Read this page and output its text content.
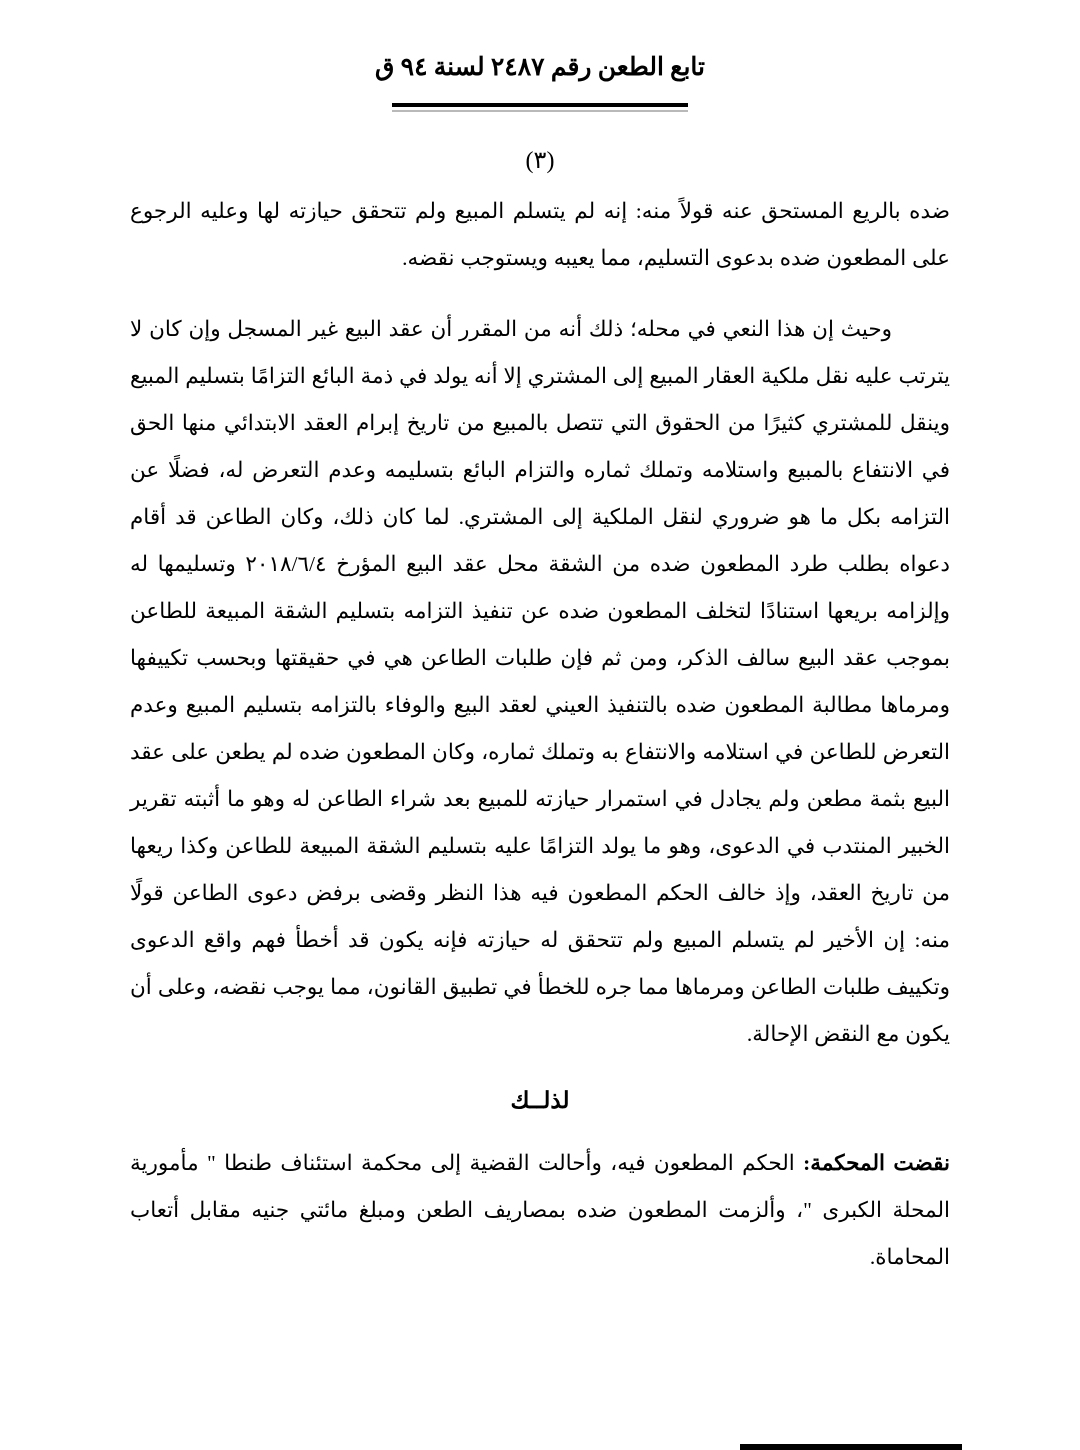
تابع الطعن رقم ٢٤٨٧ لسنة ٩٤ ق
(٣)

ضده بالريع المستحق عنه قولاً منه: إنه لم يتسلم المبيع ولم تتحقق حيازته لها وعليه الرجوع على المطعون ضده بدعوى التسليم، مما يعيبه ويستوجب نقضه.

وحيث إن هذا النعي في محله؛ ذلك أنه من المقرر أن عقد البيع غير المسجل وإن كان لا يترتب عليه نقل ملكية العقار المبيع إلى المشتري إلا أنه يولد في ذمة البائع التزامًا بتسليم المبيع وينقل للمشتري كثيرًا من الحقوق التي تتصل بالمبيع من تاريخ إبرام العقد الابتدائي منها الحق في الانتفاع بالمبيع واستلامه وتملك ثماره والتزام البائع بتسليمه وعدم التعرض له، فضلًا عن التزامه بكل ما هو ضروري لنقل الملكية إلى المشتري. لما كان ذلك، وكان الطاعن قد أقام دعواه بطلب طرد المطعون ضده من الشقة محل عقد البيع المؤرخ ٢٠١٨/٦/٤ وتسليمها له وإلزامه بريعها استنادًا لتخلف المطعون ضده عن تنفيذ التزامه بتسليم الشقة المبيعة للطاعن بموجب عقد البيع سالف الذكر، ومن ثم فإن طلبات الطاعن هي في حقيقتها وبحسب تكييفها ومرماها مطالبة المطعون ضده بالتنفيذ العيني لعقد البيع والوفاء بالتزامه بتسليم المبيع وعدم التعرض للطاعن في استلامه والانتفاع به وتملك ثماره، وكان المطعون ضده لم يطعن على عقد البيع بثمة مطعن ولم يجادل في استمرار حيازته للمبيع بعد شراء الطاعن له وهو ما أثبته تقرير الخبير المنتدب في الدعوى، وهو ما يولد التزامًا عليه بتسليم الشقة المبيعة للطاعن وكذا ريعها من تاريخ العقد، وإذ خالف الحكم المطعون فيه هذا النظر وقضى برفض دعوى الطاعن قولًا منه: إن الأخير لم يتسلم المبيع ولم تتحقق له حيازته فإنه يكون قد أخطأ فهم واقع الدعوى وتكييف طلبات الطاعن ومرماها مما جره للخطأ في تطبيق القانون، مما يوجب نقضه، وعلى أن يكون مع النقض الإحالة.

لذلــك

نقضت المحكمة: الحكم المطعون فيه، وأحالت القضية إلى محكمة استئناف طنطا " مأمورية المحلة الكبرى "، وألزمت المطعون ضده بمصاريف الطعن ومبلغ مائتي جنيه مقابل أتعاب المحاماة.
